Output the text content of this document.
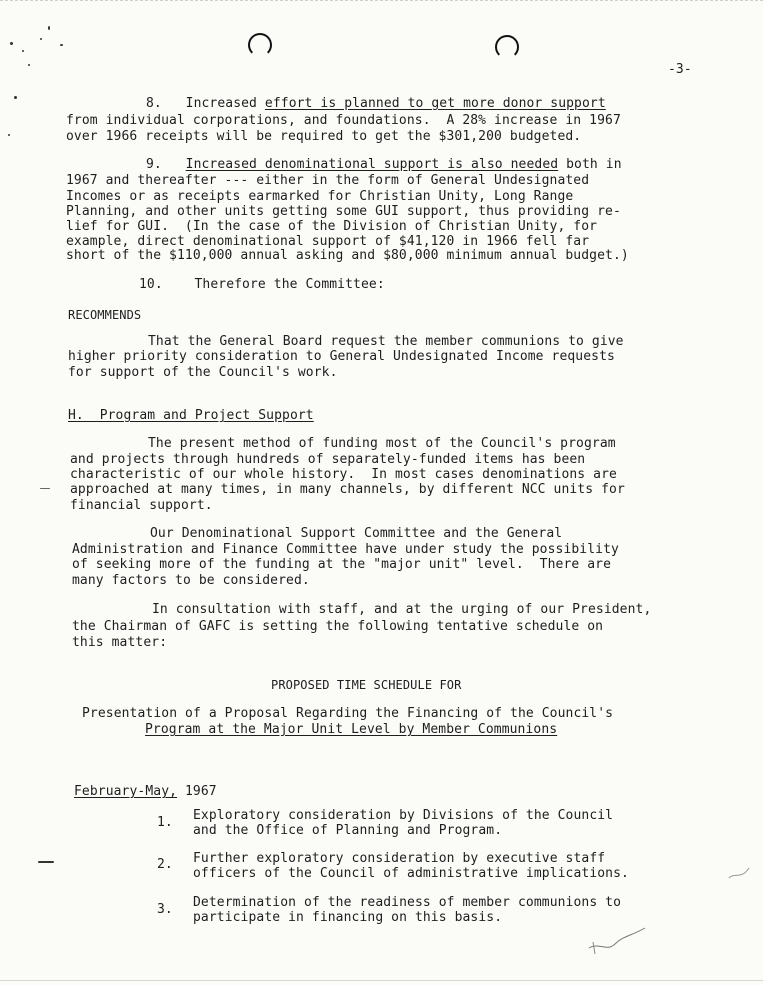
-3-
8. Increased effort is planned to get more donor support
from individual corporations, and foundations.  A 28% increase in 1967
over 1966 receipts will be required to get the $301,200 budgeted.
9. Increased denominational support is also needed both in
1967 and thereafter --- either in the form of General Undesignated
Incomes or as receipts earmarked for Christian Unity, Long Range
Planning, and other units getting some GUI support, thus providing re-
lief for GUI.  (In the case of the Division of Christian Unity, for
example, direct denominational support of $41,120 in 1966 fell far
short of the $110,000 annual asking and $80,000 minimum annual budget.)
10. Therefore the Committee:
RECOMMENDS
That the General Board request the member communions to give
higher priority consideration to General Undesignated Income requests
for support of the Council's work.
H.  Program and Project Support
The present method of funding most of the Council's program
and projects through hundreds of separately-funded items has been
characteristic of our whole history.  In most cases denominations are
approached at many times, in many channels, by different NCC units for
financial support.
Our Denominational Support Committee and the General
Administration and Finance Committee have under study the possibility
of seeking more of the funding at the "major unit" level.  There are
many factors to be considered.
In consultation with staff, and at the urging of our President,
the Chairman of GAFC is setting the following tentative schedule on
this matter:
PROPOSED TIME SCHEDULE FOR
Presentation of a Proposal Regarding the Financing of the Council's
Program at the Major Unit Level by Member Communions
February-May, 1967
1. Exploratory consideration by Divisions of the Council
and the Office of Planning and Program.
2. Further exploratory consideration by executive staff
officers of the Council of administrative implications.
3. Determination of the readiness of member communions to
participate in financing on this basis.
